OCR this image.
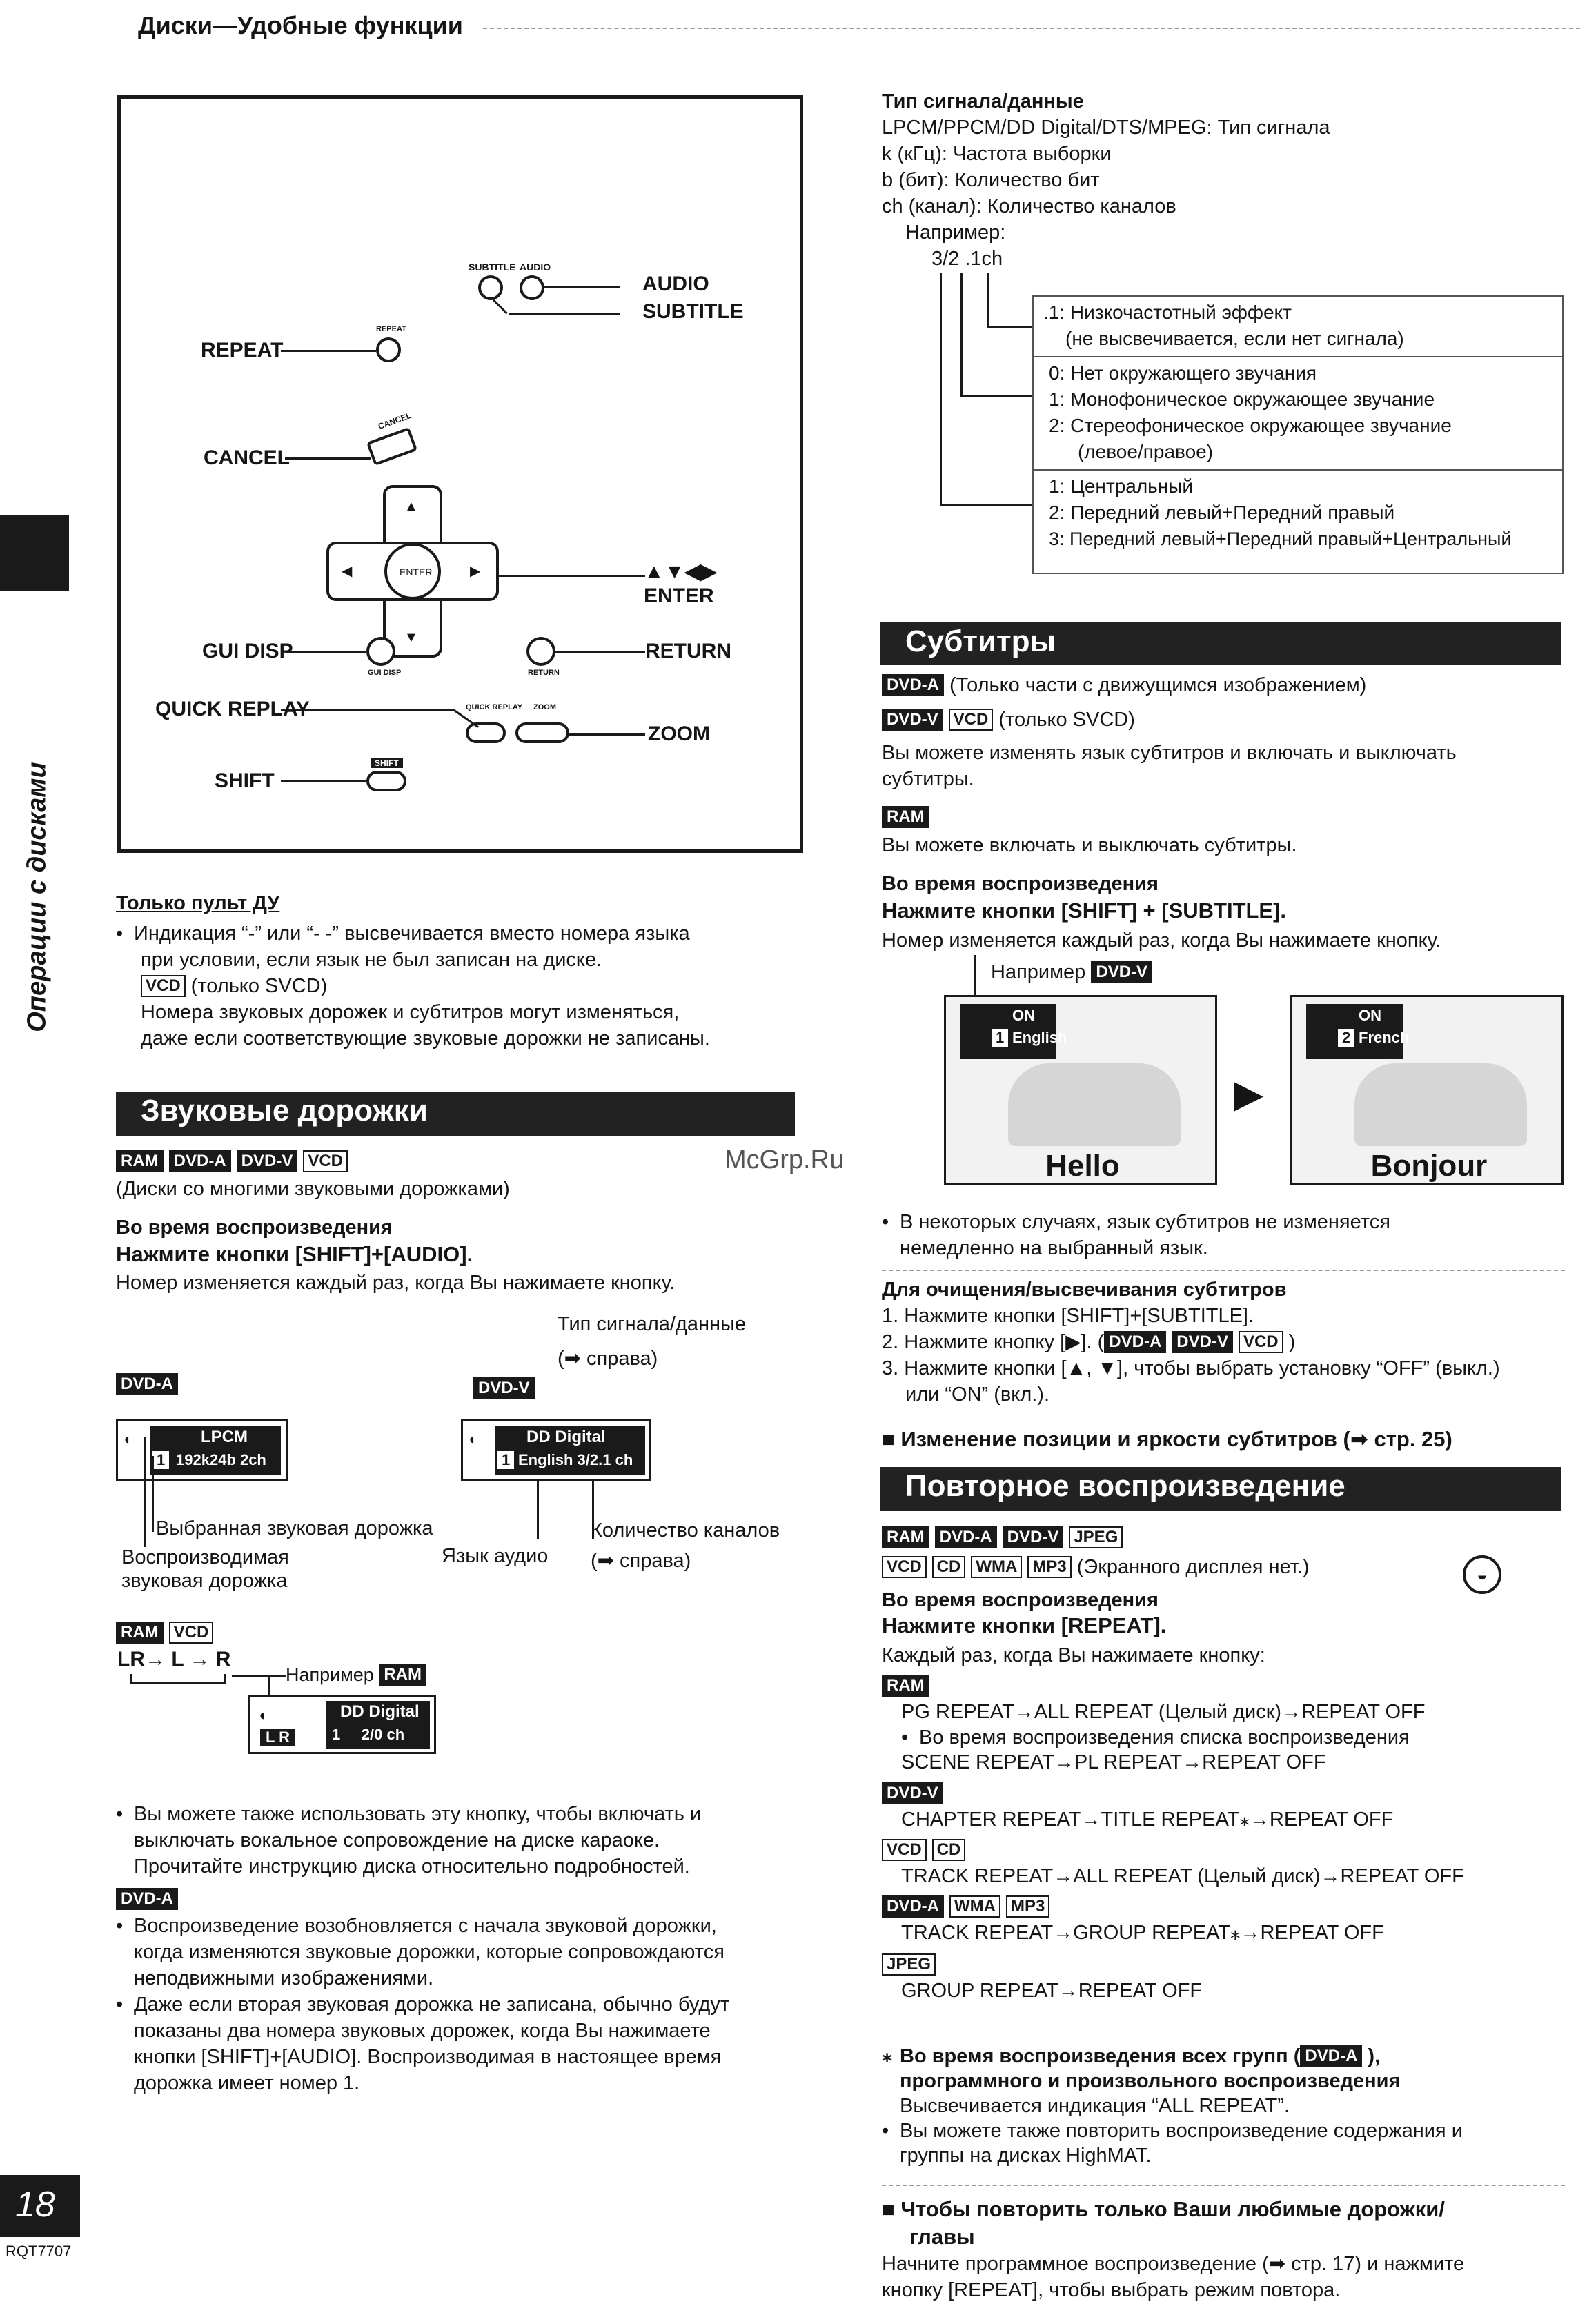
Диски—Удобные функции
Операции с дисками
18
RQT7707
SUBTITLE AUDIO
AUDIO
SUBTITLE
REPEAT
REPEAT
CANCEL
CANCEL
ENTER
▲
▼
◀	▶	▲▼◀▶
ENTER
GUI DISP
GUI DISP
RETURN
RETURN
QUICK REPLAY ZOOM
QUICK REPLAY
ZOOM
SHIFT
SHIFT
Только пульт ДУ
• Индикация “-” или “- -” высвечивается вместо номера языка
при условии, если язык не был записан на диске.
VCD (только SVCD)
Номера звуковых дорожек и субтитров могут изменяться,
даже если соответствующие звуковые дорожки не записаны.
Звуковые дорожки
RAM DVD-A DVD-V VCD
(Диски со многими звуковыми дорожками)
Во время воспроизведения
Нажмите кнопки [SHIFT]+[AUDIO].
Номер изменяется каждый раз, когда Вы нажимаете кнопку.
Тип сигнала/данные
(➡ справа)
DVD-A	DVD-V
◖	LPCM
1 192k24b 2ch
◖	DD Digital
1 English 3/2.1 ch
Выбранная звуковая дорожка
Воспроизводимая
звуковая дорожка
Язык аудио
Количество каналов
(➡ справа)
RAM VCD
LR→ L → R
Например RAM
◖
L R
DD Digital
1     2/0 ch
• Вы можете также использовать эту кнопку, чтобы включать и
выключать вокальное сопровождение на диске караоке.
Прочитайте инструкцию диска относительно подробностей.
DVD-A
• Воспроизведение возобновляется с начала звуковой дорожки,
когда изменяются звуковые дорожки, которые сопровождаются
неподвижными изображениями.
• Даже если вторая звуковая дорожка не записана, обычно будут
показаны два номера звуковых дорожек, когда Вы нажимаете
кнопки [SHIFT]+[AUDIO]. Воспроизводимая в настоящее время
дорожка имеет номер 1.
Тип сигнала/данные
LPCM/PPCM/DD Digital/DTS/MPEG: Тип сигнала
k (кГц): Частота выборки
b (бит): Количество бит
ch (канал): Количество каналов
Например:
3/2 .1ch
.1: Низкочастотный эффект
(не высвечивается, если нет сигнала)
0: Нет окружающего звучания
1: Монофоническое окружающее звучание
2: Стереофоническое окружающее звучание
(левое/правое)
1: Центральный
2: Передний левый+Передний правый
3: Передний левый+Передний правый+Центральный
Субтитры
DVD-A (Только части с движущимся изображением)
DVD-V VCD (только SVCD)
Вы можете изменять язык субтитров и включать и выключать
субтитры.
RAM
Вы можете включать и выключать субтитры.
Во время воспроизведения
Нажмите кнопки [SHIFT] + [SUBTITLE].
Номер изменяется каждый раз, когда Вы нажимаете кнопку.
Например DVD-V
ON
1 English
Hello
▶
ON
2 French
Bonjour
McGrp.Ru
• В некоторых случаях, язык субтитров не изменяется
немедленно на выбранный язык.
Для очищения/высвечивания субтитров
1. Нажмите кнопки [SHIFT]+[SUBTITLE].
2. Нажмите кнопку [▶]. ( DVD-A DVD-V VCD )
3. Нажмите кнопки [▲, ▼], чтобы выбрать установку “OFF” (выкл.)
или “ON” (вкл.).
■ Изменение позиции и яркости субтитров (➡ стр. 25)
Повторное воспроизведение
RAM DVD-A DVD-V JPEG
VCD CD WMA MP3 (Экранного дисплея нет.)	◒
Во время воспроизведения
Нажмите кнопки [REPEAT].
Каждый раз, когда Вы нажимаете кнопку:
RAM
PG REPEAT→ALL REPEAT (Целый диск)→REPEAT OFF
• Во время воспроизведения списка воспроизведения
SCENE REPEAT→PL REPEAT→REPEAT OFF
DVD-V
CHAPTER REPEAT→TITLE REPEAT⁎→REPEAT OFF
VCD CD
TRACK REPEAT→ALL REPEAT (Целый диск)→REPEAT OFF
DVD-A WMA MP3
TRACK REPEAT→GROUP REPEAT⁎→REPEAT OFF
JPEG
GROUP REPEAT→REPEAT OFF
⁎ Во время воспроизведения всех групп ( DVD-A ),
программного и произвольного воспроизведения
Высвечивается индикация “ALL REPEAT”.
• Вы можете также повторить воспроизведение содержания и
группы на дисках HighMAT.
■ Чтобы повторить только Ваши любимые дорожки/
главы
Начните программное воспроизведение (➡ стр. 17) и нажмите
кнопку [REPEAT], чтобы выбрать режим повтора.
